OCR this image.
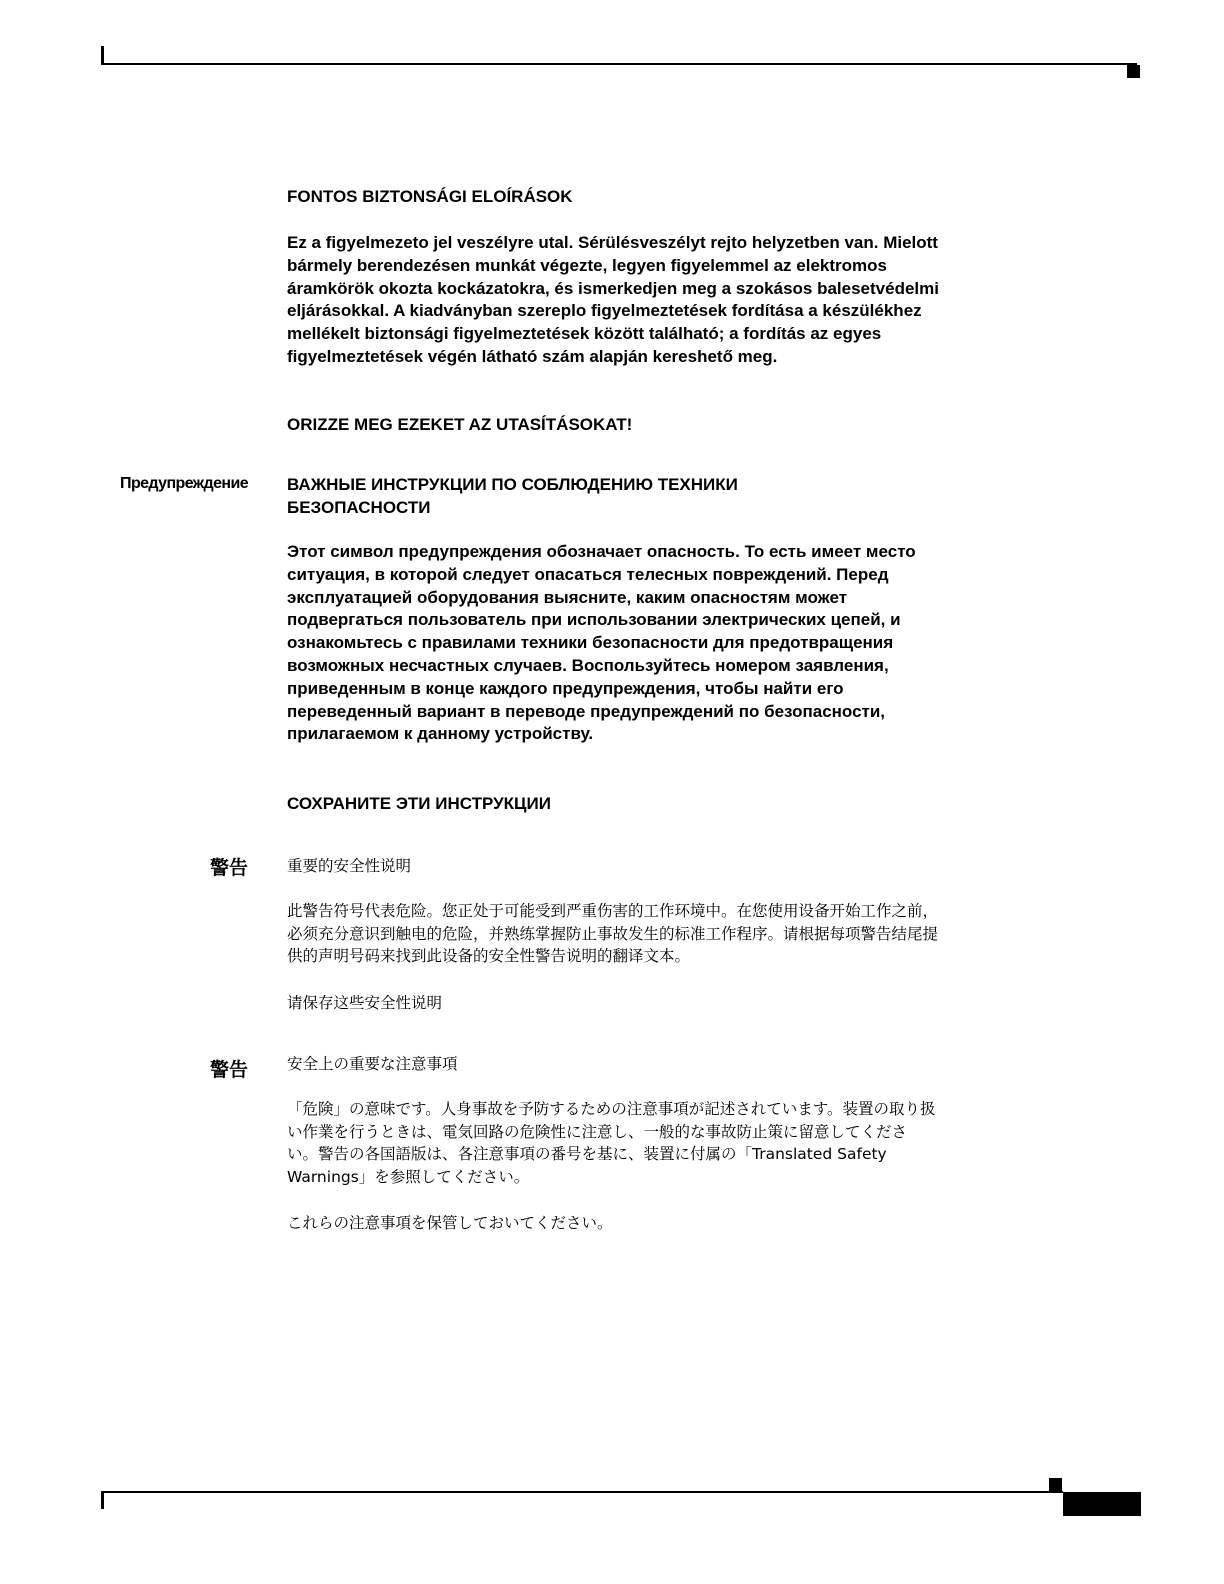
FONTOS BIZTONSÁGI ELOÍRÁSOK

Ez a figyelmezeto jel veszélyre utal. Sérülésveszélyt rejto helyzetben van. Mielott bármely berendezésen munkát végezte, legyen figyelemmel az elektromos áramkörök okozta kockázatokra, és ismerkedjen meg a szokásos balesetvédelmi eljárásokkal. A kiadványban szereplo figyelmeztetések fordítása a készülékhez mellékelt biztonsági figyelmeztetések között található; a fordítás az egyes figyelmeztetések végén látható szám alapján kereshető meg.

ORIZZE MEG EZEKET AZ UTASÍTÁSOKAT!

Предупреждение ВАЖНЫЕ ИНСТРУКЦИИ ПО СОБЛЮДЕНИЮ ТЕХНИКИ БЕЗОПАСНОСТИ

Этот символ предупреждения обозначает опасность. То есть имеет место ситуация, в которой следует опасаться телесных повреждений. Перед эксплуатацией оборудования выясните, каким опасностям может подвергаться пользователь при использовании электрических цепей, и ознакомьтесь с правилами техники безопасности для предотвращения возможных несчастных случаев. Воспользуйтесь номером заявления, приведенным в конце каждого предупреждения, чтобы найти его переведенный вариант в переводе предупреждений по безопасности, прилагаемом к данному устройству.

СОХРАНИТЕ ЭТИ ИНСТРУКЦИИ

警告	重要的安全性说明

此警告符号代表危险。您正处于可能受到严重伤害的工作环境中。在您使用设备开始工作之前，必须充分意识到触电的危险，并熟练掌握防止事故发生的标准工作程序。请根据每项警告结尾提供的声明号码来找到此设备的安全性警告说明的翻译文本。

请保存这些安全性说明

警告	安全上の重要な注意事項

「危険」の意味です。人身事故を予防するための注意事項が記述されています。装置の取り扱い作業を行うときは、電気回路の危険性に注意し、一般的な事故防止策に留意してください。警告の各国語版は、各注意事項の番号を基に、装置に付属の「Translated Safety Warnings」を参照してください。

これらの注意事項を保管しておいてください。
